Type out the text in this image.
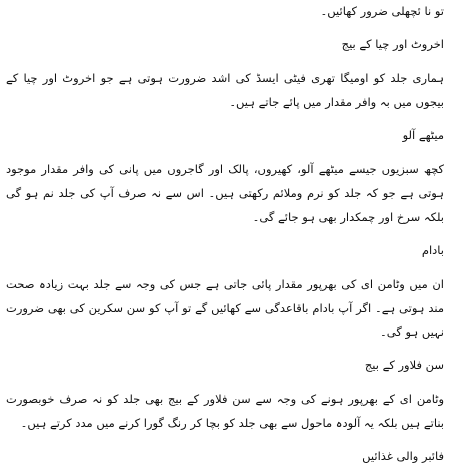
تو نا ئچھلی ضرور کھائیں۔
اخروٹ اور چیا کے بیج

ہماری جلد کو اومیگا تھری فیٹی ایسڈ کی اشد ضرورت ہوتی ہے جو اخروٹ اور چیا کے بیجوں میں بہ وافر مقدار میں پائے جاتے ہیں۔

میٹھے آلو

کچھ سبزیوں جیسے میٹھے آلو، کھیروں، پالک اور گاجروں میں پانی کی وافر مقدار موجود ہوتی ہے جو کہ جلد کو نرم وملائم رکھتی ہیں۔ اس سے نہ صرف آپ کی جلد نم ہو گی بلکہ سرخ اور چمکدار بھی ہو جائے گی۔

بادام

ان میں وٹامن ای کی بھرپور مقدار پائی جاتی ہے جس کی وجہ سے جلد بہت زیادہ صحت مند ہوتی ہے۔ اگر آپ بادام باقاعدگی سے کھائیں گے تو آپ کو سن سکرین کی بھی ضرورت نہیں ہو گی۔

سن فلاور کے بیج

وٹامن ای کے بھرپور ہونے کی وجہ سے سن فلاور کے بیج بھی جلد کو نہ صرف خوبصورت بناتے ہیں بلکہ یہ آلودہ ماحول سے بھی جلد کو بچا کر رنگ گورا کرنے میں مدد کرتے ہیں۔

فائبر والی غذائیں
